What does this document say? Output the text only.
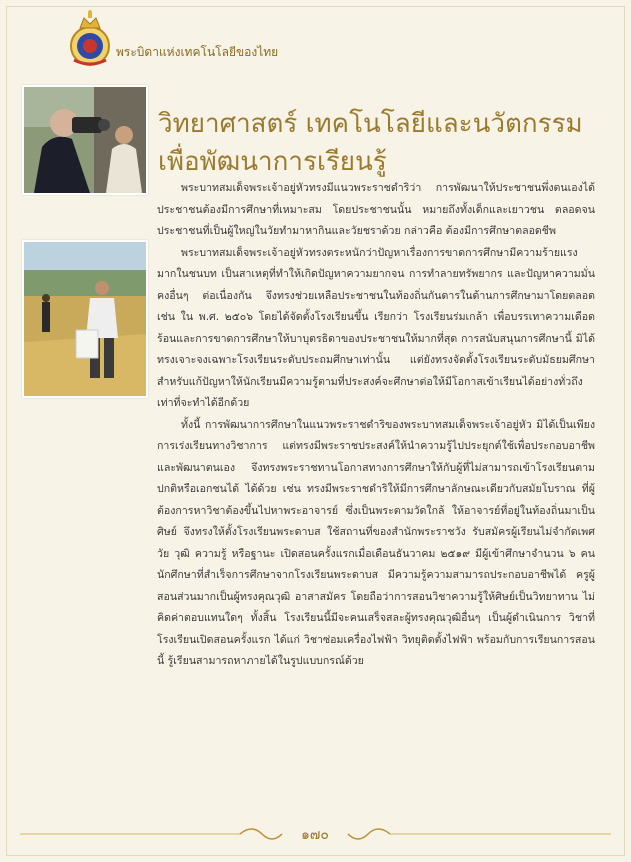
พระบิดาแห่งเทคโนโลยีของไทย
วิทยาศาสตร์ เทคโนโลยีและนวัตกรรม
เพื่อพัฒนาการเรียนรู้

พระบาทสมเด็จพระเจ้าอยู่หัวทรงมีแนวพระราชดำริว่า การพัฒนาให้ประชาชนพึ่งตนเองได้ ประชาชนต้องมีการศึกษาที่เหมาะสม โดยประชาชนนั้น หมายถึงทั้งเด็กและเยาวชน ตลอดจนประชาชนที่เป็นผู้ใหญ่ในวัยทำมาหากินและวัยชราด้วย กล่าวคือ ต้องมีการศึกษาตลอดชีพ

พระบาทสมเด็จพระเจ้าอยู่หัวทรงตระหนักว่าปัญหาเรื่องการขาดการศึกษามีความร้ายแรงมากในชนบท เป็นสาเหตุที่ทำให้เกิดปัญหาความยากจน การทำลายทรัพยากร และปัญหาความมั่นคงอื่นๆ ต่อเนื่องกัน จึงทรงช่วยเหลือประชาชนในท้องถิ่นกันดารในด้านการศึกษามาโดยตลอด เช่น ใน พ.ศ. ๒๕๐๖ โดยได้จัดตั้งโรงเรียนขึ้น เรียกว่า โรงเรียนร่มเกล้า เพื่อบรรเทาความเดือดร้อนและการขาดการศึกษาให้บาบุตรธิดาของประชาชนให้มากที่สุด การสนับสนุนการศึกษานี้ มิได้ทรงเจาะจงเฉพาะโรงเรียนระดับประถมศึกษาเท่านั้น แต่ยังทรงจัดตั้งโรงเรียนระดับมัธยมศึกษา สำหรับแก้ปัญหาให้นักเรียนมีความรู้ตามที่ประสงค์จะศึกษาต่อให้มีโอกาสเข้าเรียนได้อย่างทั่วถึงเท่าที่จะทำได้อีกด้วย

ทั้งนี้ การพัฒนาการศึกษาในแนวพระราชดำริของพระบาทสมเด็จพระเจ้าอยู่หัว มิได้เป็นเพียงการเร่งเรียนทางวิชาการ แต่ทรงมีพระราชประสงค์ให้นำความรู้ไปประยุกต์ใช้เพื่อประกอบอาชีพและพัฒนาตนเอง จึงทรงพระราชทานโอกาสทางการศึกษาให้กับผู้ที่ไม่สามารถเข้าโรงเรียนตามปกติหรือเอกชนได้ ได้ด้วย เช่น ทรงมีพระราชดำริให้มีการศึกษาลักษณะเดียวกับสมัยโบราณ ที่ผู้ต้องการหาวิชาต้องขึ้นไปหาพระอาจารย์ ซึ่งเป็นพระตามวัดใกล้ ให้อาจารย์ที่อยู่ในท้องถิ่นมาเป็นศิษย์ จึงทรงให้ตั้งโรงเรียนพระดาบส ใช้สถานที่ของสำนักพระราชวัง รับสมัครผู้เรียนไม่จำกัดเพศ วัย วุฒิ ความรู้ หรือฐานะ เปิดสอนครั้งแรกเมื่อเดือนธันวาคม ๒๕๑๙ มีผู้เข้าศึกษาจำนวน ๖ คน นักศึกษาที่สำเร็จการศึกษาจากโรงเรียนพระดาบส มีความรู้ความสามารถประกอบอาชีพได้ ครูผู้สอนส่วนมากเป็นผู้ทรงคุณวุฒิ อาสาสมัคร โดยถือว่าการสอนวิชาความรู้ให้ศิษย์เป็นวิทยาทาน ไม่คิดค่าตอบแทนใดๆ ทั้งสิ้น โรงเรียนนี้มีจะคนเสร็จสละผู้ทรงคุณวุฒิอื่นๆ เป็นผู้ดำเนินการ วิชาที่โรงเรียนเปิดสอนครั้งแรก ได้แก่ วิชาซ่อมเครื่องไฟฟ้า วิทยุติดตั้งไฟฟ้า พร้อมกับการเรียนการสอนนี้ รู้เรียนสามารถหาภายได้ในรูปแบบกรณ์ด้วย

๑๗๐
